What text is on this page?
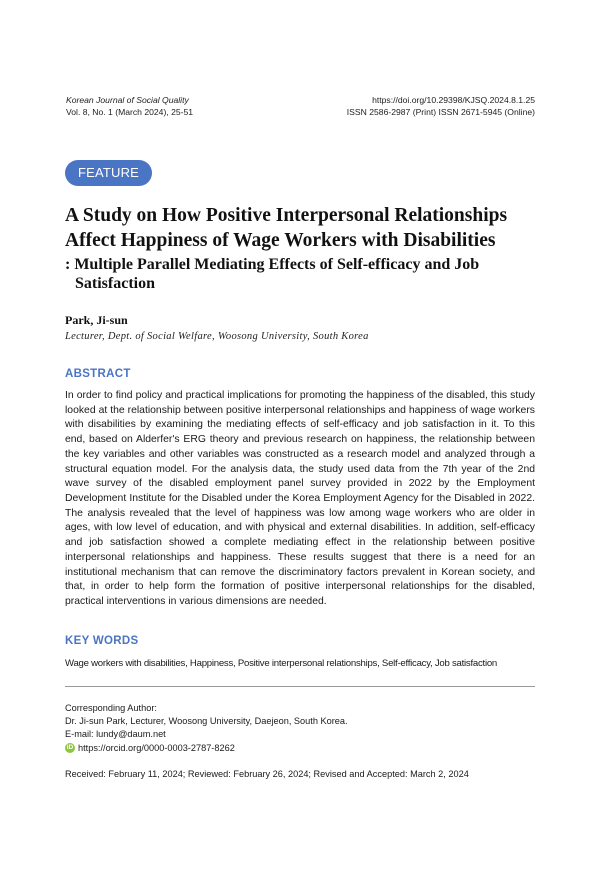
Korean Journal of Social Quality
Vol. 8, No. 1 (March 2024), 25-51
https://doi.org/10.29398/KJSQ.2024.8.1.25
ISSN 2586-2987 (Print) ISSN 2671-5945 (Online)
FEATURE
A Study on How Positive Interpersonal Relationships Affect Happiness of Wage Workers with Disabilities
: Multiple Parallel Mediating Effects of Self-efficacy and Job Satisfaction
Park, Ji-sun
Lecturer, Dept. of Social Welfare, Woosong University, South Korea
ABSTRACT
In order to find policy and practical implications for promoting the happiness of the disabled, this study looked at the relationship between positive interpersonal relationships and happiness of wage workers with disabilities by examining the mediating effects of self-efficacy and job satisfaction in it. To this end, based on Alderfer's ERG theory and previous research on happiness, the relationship between the key variables and other variables was constructed as a research model and analyzed through a structural equation model. For the analysis data, the study used data from the 7th year of the 2nd wave survey of the disabled employment panel survey provided in 2022 by the Employment Development Institute for the Disabled under the Korea Employment Agency for the Disabled in 2022. The analysis revealed that the level of happiness was low among wage workers who are older in ages, with low level of education, and with physical and external disabilities. In addition, self-efficacy and job satisfaction showed a complete mediating effect in the relationship between positive interpersonal relationships and happiness. These results suggest that there is a need for an institutional mechanism that can remove the discriminatory factors prevalent in Korean society, and that, in order to help form the formation of positive interpersonal relationships for the disabled, practical interventions in various dimensions are needed.
KEY WORDS
Wage workers with disabilities, Happiness, Positive interpersonal relationships, Self-efficacy, Job satisfaction
Corresponding Author:
Dr. Ji-sun Park, Lecturer, Woosong University, Daejeon, South Korea.
E-mail: lundy@daum.net
iD https://orcid.org/0000-0003-2787-8262
Received: February 11, 2024; Reviewed: February 26, 2024; Revised and Accepted: March 2, 2024
